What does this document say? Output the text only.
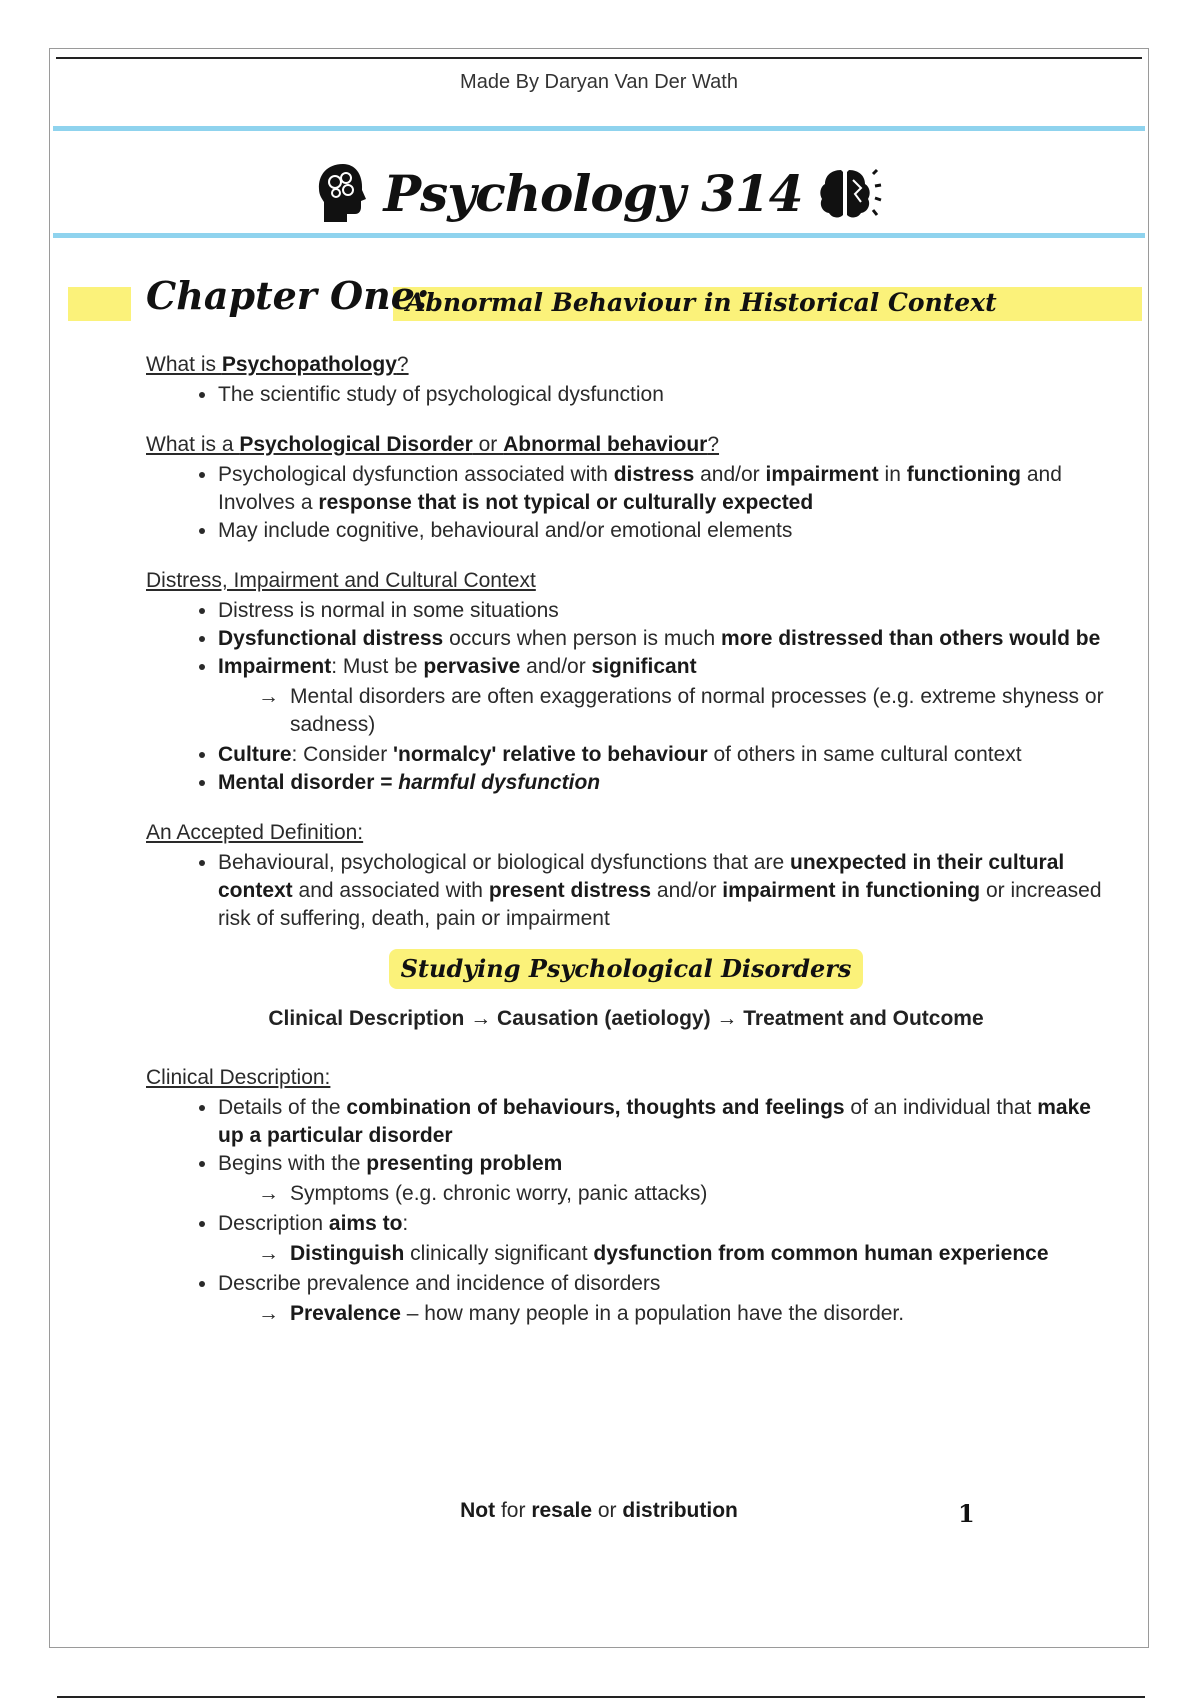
Made By Daryan Van Der Wath
Psychology 314
Chapter One:
Abnormal Behaviour in Historical Context

What is Psychopathology?

• The scientific study of psychological dysfunction

What is a Psychological Disorder or Abnormal behaviour?

• Psychological dysfunction associated with distress and/or impairment in functioning and Involves a response that is not typical or culturally expected
• May include cognitive, behavioural and/or emotional elements

Distress, Impairment and Cultural Context

• Distress is normal in some situations
• Dysfunctional distress occurs when person is much more distressed than others would be
• Impairment: Must be pervasive and/or significant
→ Mental disorders are often exaggerations of normal processes (e.g. extreme shyness or sadness)
• Culture: Consider 'normalcy' relative to behaviour of others in same cultural context
• Mental disorder = harmful dysfunction

An Accepted Definition:

• Behavioural, psychological or biological dysfunctions that are unexpected in their cultural context and associated with present distress and/or impairment in functioning or increased risk of suffering, death, pain or impairment
Studying Psychological Disorders

Clinical Description → Causation (aetiology) → Treatment and Outcome

Clinical Description:

• Details of the combination of behaviours, thoughts and feelings of an individual that make up a particular disorder
• Begins with the presenting problem
→ Symptoms (e.g. chronic worry, panic attacks)
• Description aims to:
→ Distinguish clinically significant dysfunction from common human experience
• Describe prevalence and incidence of disorders
→ Prevalence – how many people in a population have the disorder.
Not for resale or distribution	1
